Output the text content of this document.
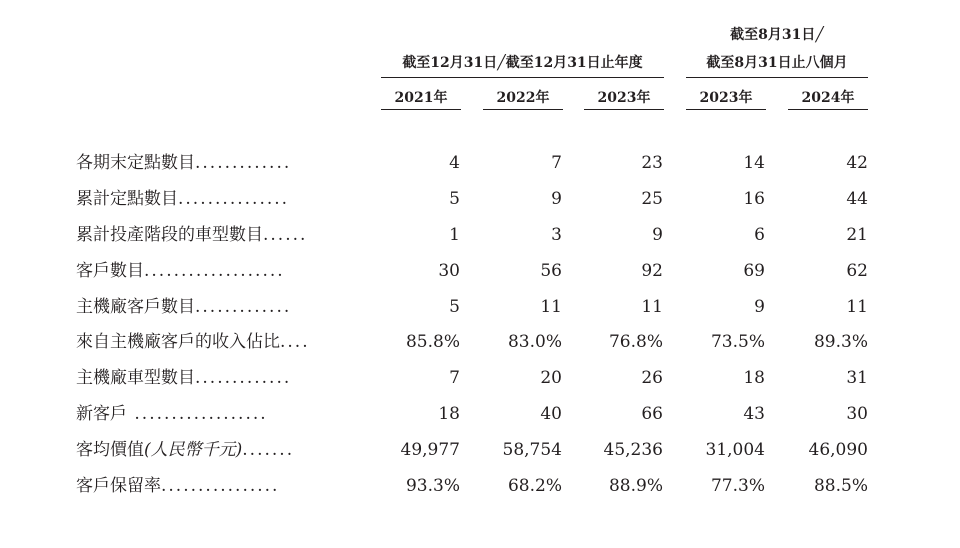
截至12月31日╱截至12月31日止年度
截至8月31日╱
截至8月31日止八個月
2021年	2022年	2023年	2023年	2024年
各期末定點數目.............	4	7	23	14	42
累計定點數目...............	5	9	25	16	44
累計投產階段的車型數目......	1	3	9	6	21
客戶數目...................	30	56	92	69	62
主機廠客戶數目.............	5	11	11	9	11
來自主機廠客戶的收入佔比....	85.8%	83.0%	76.8%	73.5%	89.3%
主機廠車型數目.............	7	20	26	18	31
新客戶 ..................	18	40	66	43	30
客均價值(人民幣千元).......	49,977	58,754 45,236	31,004	46,090
客戶保留率................	93.3%	68.2%	88.9%	77.3%	88.5%
